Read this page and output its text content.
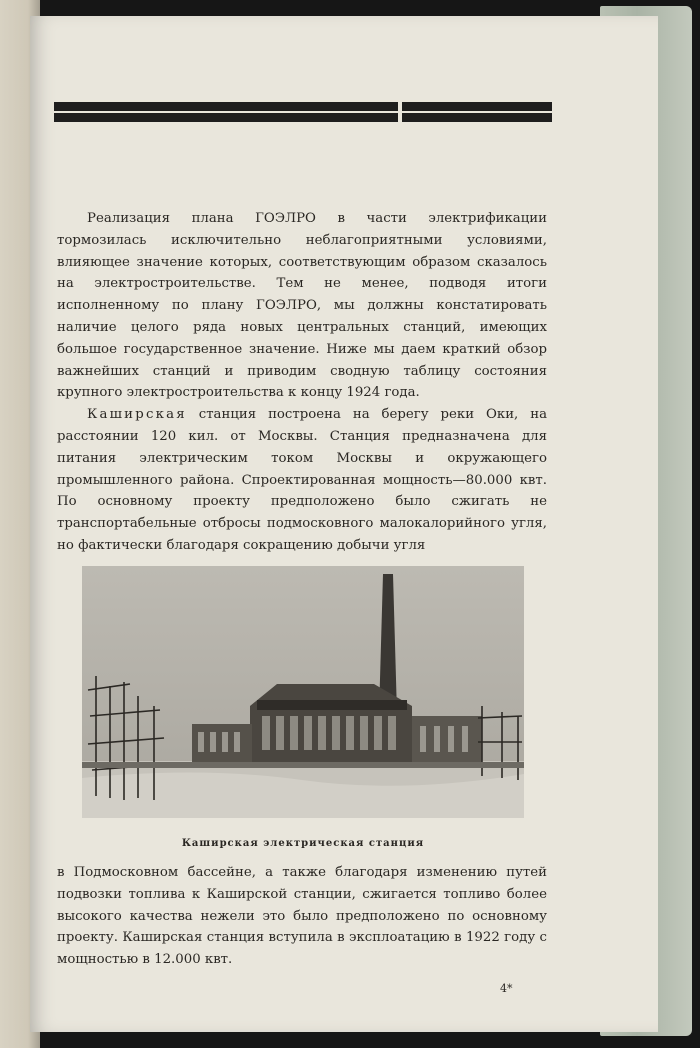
Реализация плана ГОЭЛРО в части электрификации тормозилась исключительно неблагоприятными условиями, влияющее значение которых, соответствующим образом сказалось на электростроительстве. Тем не менее, подводя итоги исполненному по плану ГОЭЛРО, мы должны констатировать наличие целого ряда новых центральных станций, имеющих большое государственное значение. Ниже мы даем краткий обзор важнейших станций и приводим сводную таблицу состояния крупного электростроительства к концу 1924 года.

Каширская станция построена на берегу реки Оки, на расстоянии 120 кил. от Москвы. Станция предназначена для питания электрическим током Москвы и окружающего промышленного района. Спроектированная мощность—80.000 квт. По основному проекту предположено было сжигать не транспортабельные отбросы подмосковного малокалорийного угля, но фактически благодаря сокращению добычи угля

Каширская электрическая станция

в Подмосковном бассейне, а также благодаря изменению путей подвозки топлива к Каширской станции, сжигается топливо более высокого качества нежели это было предположено по основному проекту. Каширская станция вступила в эксплоатацию в 1922 году с мощностью в 12.000 квт.

4*
